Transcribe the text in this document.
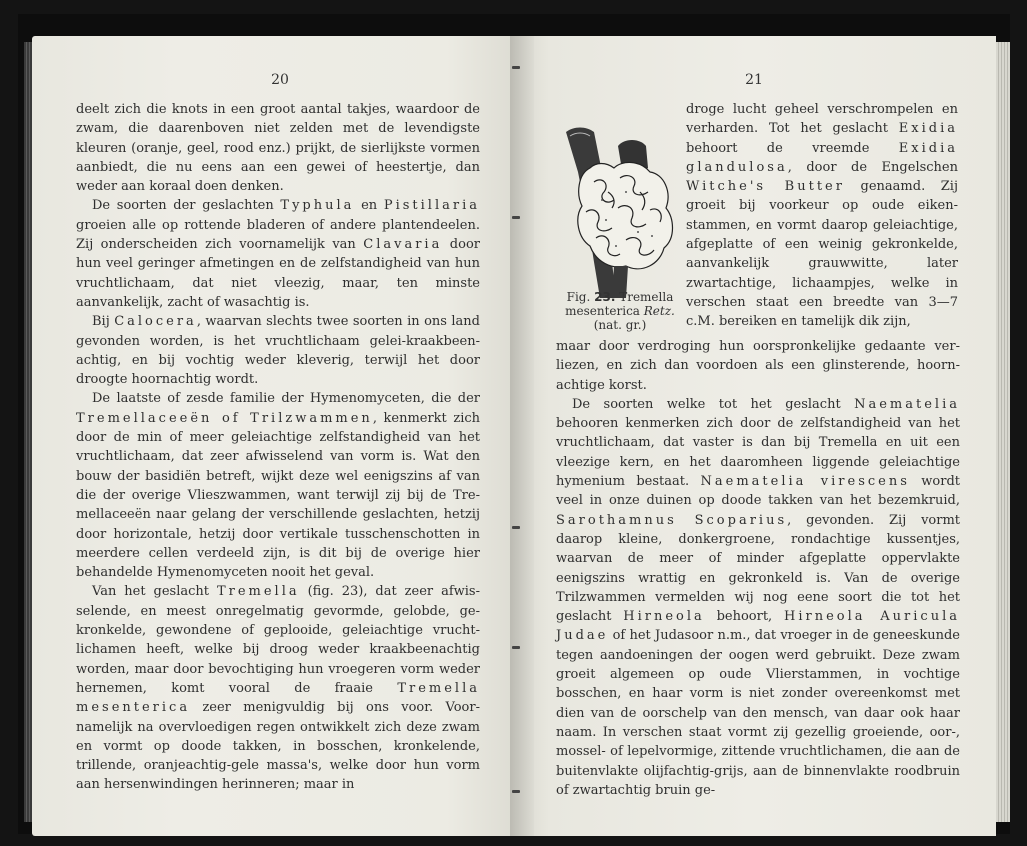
20

deelt zich die knots in een groot aantal takjes, waardoor de zwam, die daarenboven niet zelden met de levendigste kleuren (oranje, geel, rood enz.) prijkt, de sierlijkste vormen aanbiedt, die nu eens aan een gewei of heestertje, dan weder aan koraal doen denken.

De soorten der geslachten Typhula en Pistillaria groeien alle op rottende bladeren of andere plantendeelen. Zij onderscheiden zich voornamelijk van Clavaria door hun veel geringer afmetingen en de zelfstandigheid van hun vruchtlichaam, dat niet vleezig, maar, ten minste aanvankelijk, zacht of wasachtig is.

Bij Calocera, waarvan slechts twee soorten in ons land gevonden worden, is het vruchtlichaam gelei-kraakbeenachtig, en bij vochtig weder kleverig, terwijl het door droogte hoornachtig wordt.

De laatste of zesde familie der Hymenomyceten, die der Tremellaceeën of Trilzwammen, kenmerkt zich door de min of meer geleiachtige zelfstandigheid van het vruchtlichaam, dat zeer afwisselend van vorm is. Wat den bouw der basidiën betreft, wijkt deze wel eenigszins af van die der overige Vlieszwammen, want terwijl zij bij de Tremellaceeën naar gelang der verschillende geslachten, hetzij door horizontale, hetzij door vertikale tusschenschotten in meerdere cellen verdeeld zijn, is dit bij de overige hier behandelde Hymenomyceten nooit het geval.

Van het geslacht Tremella (fig. 23), dat zeer afwisselende, en meest onregelmatig gevormde, gelobde, gekronkelde, gewondene of geplooide, geleiachtige vruchtlichamen heeft, welke bij droog weder kraakbeenachtig worden, maar door bevochtiging hun vroegeren vorm weder hernemen, komt vooral de fraaie Tremella mesenterica zeer menigvuldig bij ons voor. Voornamelijk na overvloedigen regen ontwikkelt zich deze zwam en vormt op doode takken, in bosschen, kronkelende, trillende, oranjeachtig-gele massa's, welke door hun vorm aan hersenwindingen herinneren; maar in

21
Fig. 23. Tremella
mesenterica Retz.
(nat. gr.)

droge lucht geheel verschrompelen en verharden. Tot het geslacht Exidia behoort de vreemde Exidia glandulosa, door de Engelschen Witche's Butter genaamd. Zij groeit bij voorkeur op oude eikenstammen, en vormt daarop geleiachtige, afgeplatte of een weinig gekronkelde, aanvankelijk grauwwitte, later zwartachtige, lichaampjes, welke in verschen staat een breedte van 3—7 c.M. bereiken en tamelijk dik zijn,

maar door verdroging hun oorspronkelijke gedaante verliezen, en zich dan voordoen als een glinsterende, hoornachtige korst.

De soorten welke tot het geslacht Naematelia behooren kenmerken zich door de zelfstandigheid van het vruchtlichaam, dat vaster is dan bij Tremella en uit een vleezige kern, en het daaromheen liggende geleiachtige hymenium bestaat. Naematelia virescens wordt veel in onze duinen op doode takken van het bezemkruid, Sarothamnus Scoparius, gevonden. Zij vormt daarop kleine, donkergroene, rondachtige kussentjes, waarvan de meer of minder afgeplatte oppervlakte eenigszins wrattig en gekronkeld is. Van de overige Trilzwammen vermelden wij nog eene soort die tot het geslacht Hirneola behoort, Hirneola Auricula Judae of het Judasoor n.m., dat vroeger in de geneeskunde tegen aandoeningen der oogen werd gebruikt. Deze zwam groeit algemeen op oude Vlierstammen, in vochtige bosschen, en haar vorm is niet zonder overeenkomst met dien van de oorschelp van den mensch, van daar ook haar naam. In verschen staat vormt zij gezellig groeiende, oor-, mossel- of lepelvormige, zittende vruchtlichamen, die aan de buitenvlakte olijfachtig-grijs, aan de binnenvlakte roodbruin of zwartachtig bruin ge-
